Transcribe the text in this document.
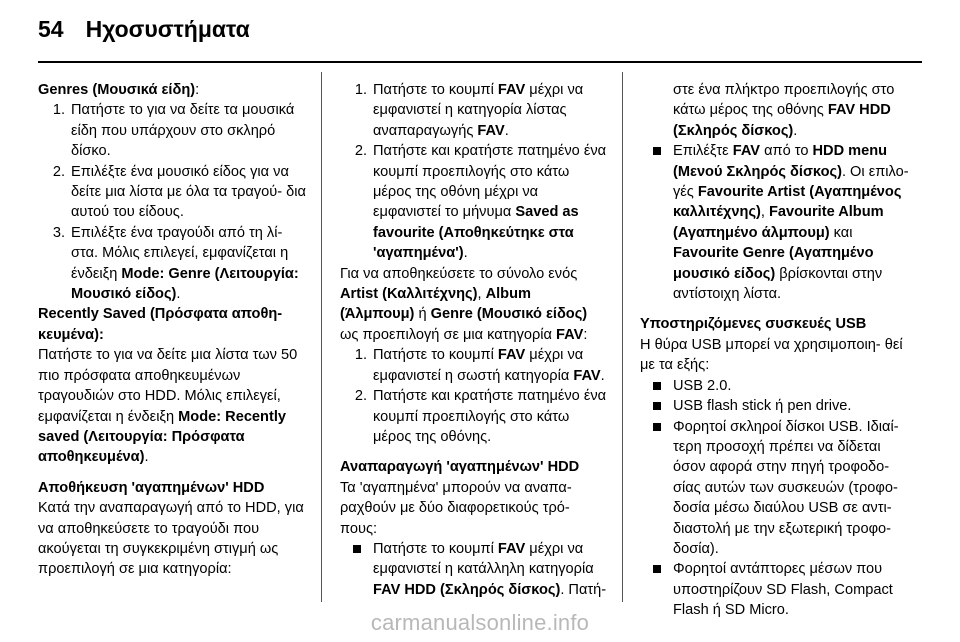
54 Ηχοσυστήματα

Genres (Μουσικά είδη):

1. Πατήστε το για να δείτε τα μουσικά είδη που υπάρχουν στο σκληρό δίσκο.
2. Επιλέξτε ένα μουσικό είδος για να δείτε μια λίστα με όλα τα τραγού- δια αυτού του είδους.
3. Επιλέξτε ένα τραγούδι από τη λί- στα. Μόλις επιλεγεί, εμφανίζεται η ένδειξη Mode: Genre (Λειτουργία: Μουσικό είδος).

Recently Saved (Πρόσφατα αποθη- κευμένα):

Πατήστε το για να δείτε μια λίστα των 50 πιο πρόσφατα αποθηκευμένων τραγουδιών στο HDD. Μόλις επιλεγεί, εμφανίζεται η ένδειξη Mode: Recently saved (Λειτουργία: Πρόσφατα αποθηκευμένα).

Αποθήκευση 'αγαπημένων' HDD

Κατά την αναπαραγωγή από το HDD, για να αποθηκεύσετε το τραγούδι που ακούγεται τη συγκεκριμένη στιγμή ως προεπιλογή σε μια κατηγορία:

1. Πατήστε το κουμπί FAV μέχρι να εμφανιστεί η κατηγορία λίστας αναπαραγωγής FAV.
2. Πατήστε και κρατήστε πατημένο ένα κουμπί προεπιλογής στο κάτω μέρος της οθόνη μέχρι να εμφανιστεί το μήνυμα Saved as favourite (Αποθηκεύτηκε στα 'αγαπημένα').

Για να αποθηκεύσετε το σύνολο ενός Artist (Καλλιτέχνης), Album (Άλμπουμ) ή Genre (Μουσικό είδος) ως προεπιλογή σε μια κατηγορία FAV:

1. Πατήστε το κουμπί FAV μέχρι να εμφανιστεί η σωστή κατηγορία FAV.
2. Πατήστε και κρατήστε πατημένο ένα κουμπί προεπιλογής στο κάτω μέρος της οθόνης.

Αναπαραγωγή 'αγαπημένων' HDD

Τα 'αγαπημένα' μπορούν να αναπα- ραχθούν με δύο διαφορετικούς τρό- πους:

Πατήστε το κουμπί FAV μέχρι να εμφανιστεί η κατάλληλη κατηγορία FAV HDD (Σκληρός δίσκος). Πατή-
στε ένα πλήκτρο προεπιλογής στο κάτω μέρος της οθόνης FAV HDD (Σκληρός δίσκος).
Επιλέξτε FAV από το HDD menu (Μενού Σκληρός δίσκος). Οι επιλο- γές Favourite Artist (Αγαπημένος καλλιτέχνης), Favourite Album (Αγαπημένο άλμπουμ) και Favourite Genre (Αγαπημένο μουσικό είδος) βρίσκονται στην αντίστοιχη λίστα.

Υποστηριζόμενες συσκευές USB

Η θύρα USB μπορεί να χρησιμοποιη- θεί με τα εξής:

USB 2.0.
USB flash stick ή pen drive.
Φορητοί σκληροί δίσκοι USB. Ιδιαί- τερη προσοχή πρέπει να δίδεται όσον αφορά στην πηγή τροφοδο- σίας αυτών των συσκευών (τροφο- δοσία μέσω διαύλου USB σε αντι- διαστολή με την εξωτερική τροφο- δοσία).
Φορητοί αντάπτορες μέσων που υποστηρίζουν SD Flash, Compact Flash ή SD Micro.
carmanualsonline.info
